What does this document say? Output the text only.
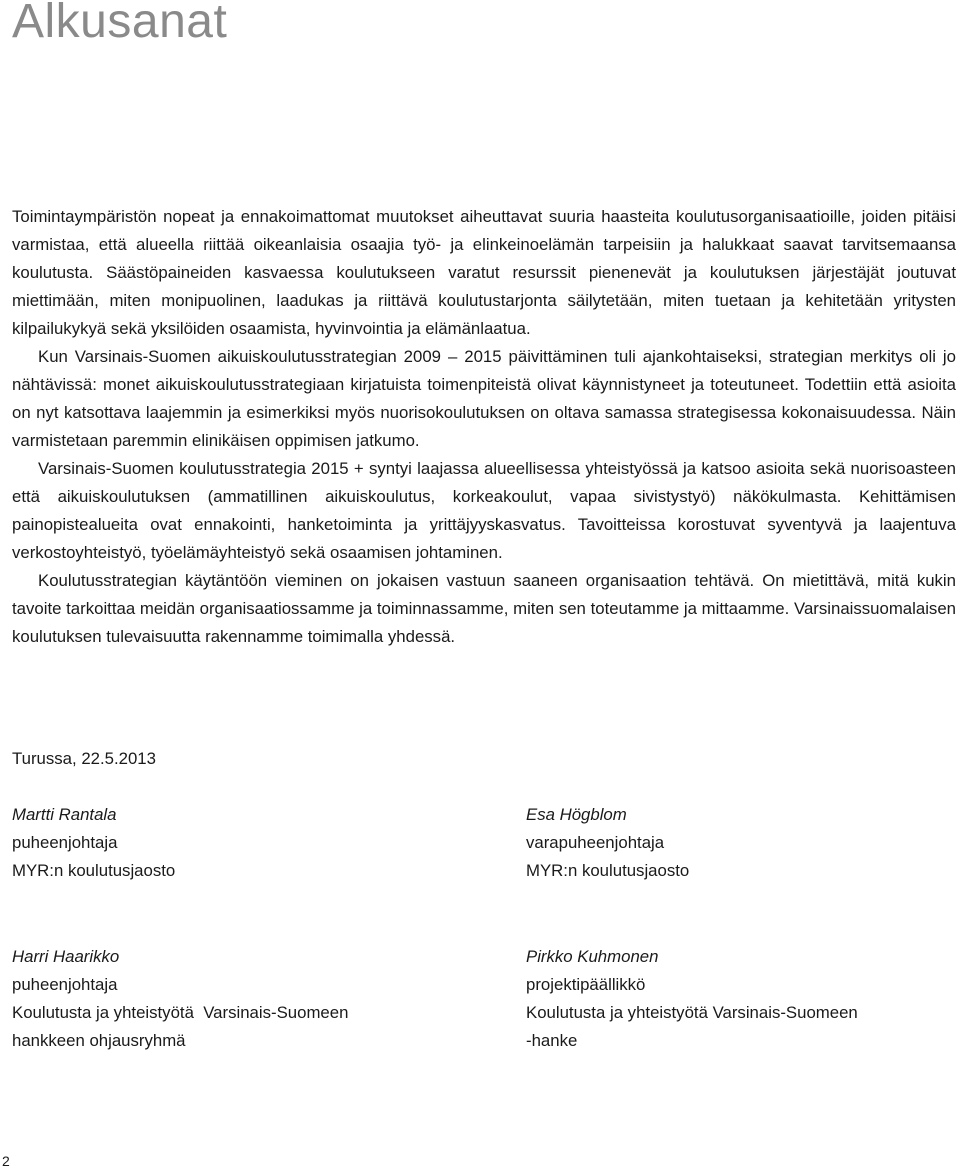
Alkusanat

Toimintaympäristön nopeat ja ennakoimattomat muutokset aiheuttavat suuria haasteita koulutusorganisaatioille, joiden pitäisi varmistaa, että alueella riittää oikeanlaisia osaajia työ- ja elinkeinoelämän tarpeisiin ja halukkaat saavat tarvitsemaansa koulutusta. Säästöpaineiden kasvaessa koulutukseen varatut resurssit pienenevät ja koulutuksen järjestäjät joutuvat miettimään, miten monipuolinen, laadukas ja riittävä koulutustarjonta säilytetään, miten tuetaan ja kehitetään yritysten kilpailukykyä sekä yksilöiden osaamista, hyvinvointia ja elämänlaatua.

Kun Varsinais-Suomen aikuiskoulutusstrategian 2009 – 2015 päivittäminen tuli ajankohtaiseksi, strategian merkitys oli jo nähtävissä: monet aikuiskoulutusstrategiaan kirjatuista toimenpiteistä olivat käynnistyneet ja toteutuneet. Todettiin että asioita on nyt katsottava laajemmin ja esimerkiksi myös nuorisokoulutuksen on oltava samassa strategisessa kokonaisuudessa. Näin varmistetaan paremmin elinikäisen oppimisen jatkumo.

Varsinais-Suomen koulutusstrategia 2015 + syntyi laajassa alueellisessa yhteistyössä ja katsoo asioita sekä nuorisoasteen että aikuiskoulutuksen (ammatillinen aikuiskoulutus, korkeakoulut, vapaa sivistystyö) näkökulmasta. Kehittämisen painopistealueita ovat ennakointi, hanketoiminta ja yrittäjyyskasvatus. Tavoitteissa korostuvat syventyvä ja laajentuva verkostoyhteistyö, työelämäyhteistyö sekä osaamisen johtaminen.

Koulutusstrategian käytäntöön vieminen on jokaisen vastuun saaneen organisaation tehtävä. On mietittävä, mitä kukin tavoite tarkoittaa meidän organisaatiossamme ja toiminnassamme, miten sen toteutamme ja mittaamme. Varsinaissuomalaisen koulutuksen tulevaisuutta rakennamme toimimalla yhdessä.

Turussa, 22.5.2013

Martti Rantala
puheenjohtaja
MYR:n koulutusjaosto
Esa Högblom
varapuheenjohtaja
MYR:n koulutusjaosto
Harri Haarikko
puheenjohtaja
Koulutusta ja yhteistyötä  Varsinais-Suomeen
hankkeen ohjausryhmä
Pirkko Kuhmonen
projektipäällikkö
Koulutusta ja yhteistyötä Varsinais-Suomeen
-hanke
2
